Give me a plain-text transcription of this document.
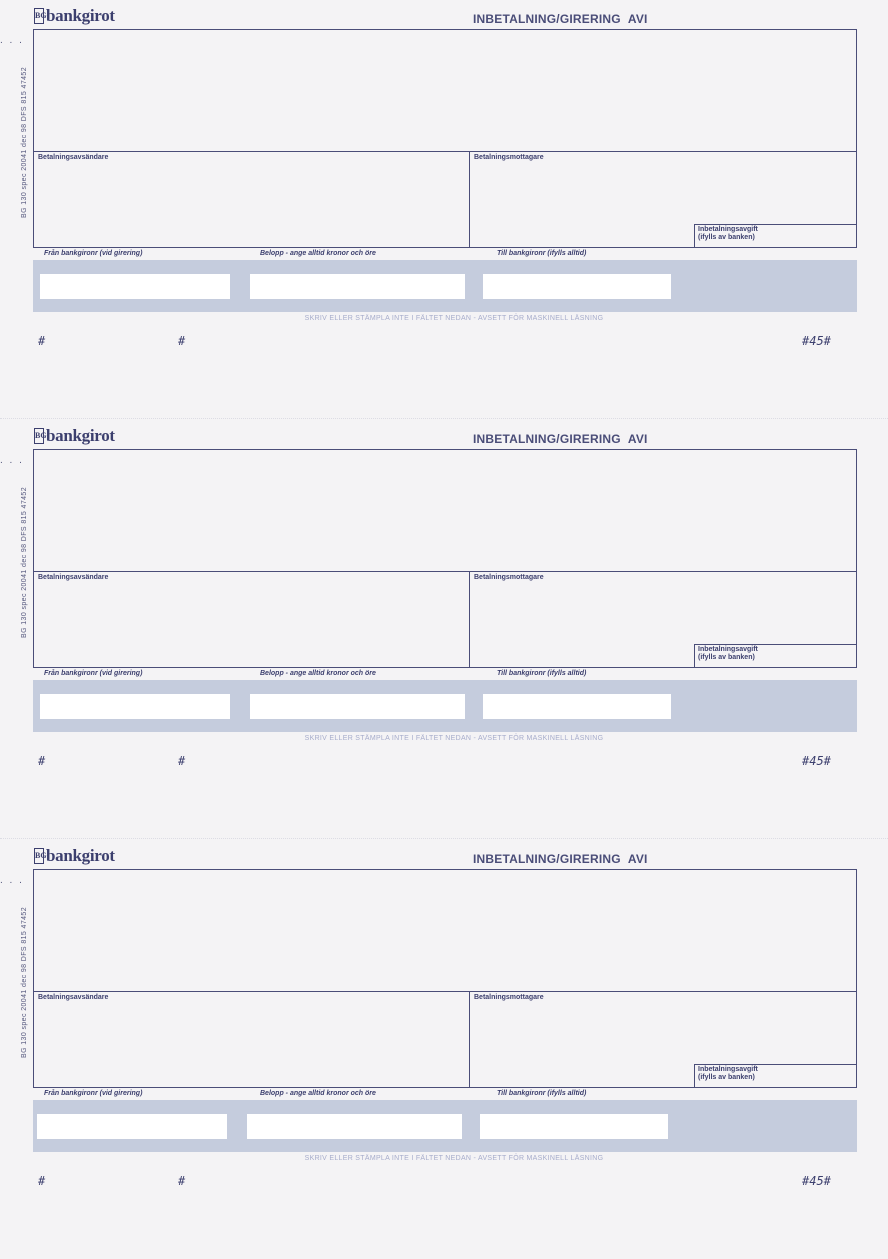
. . .
BG bankgirot	INBETALNING/GIRERING AVI
BG 130 spec 20041 dec 98 DFS 815 47452 Betalningsavsändare	Betalningsmottagare
Inbetalningsavgift
(ifylls av banken)
Från bankgironr (vid girering)	Belopp - ange alltid kronor och öre	Till bankgironr (ifylls alltid)
SKRIV ELLER STÄMPLA INTE I FÄLTET NEDAN - AVSETT FÖR MASKINELL LÄSNING
#	#	#45#
. . .
BG bankgirot	INBETALNING/GIRERING AVI
BG 130 spec 20041 dec 98 DFS 815 47452 Betalningsavsändare	Betalningsmottagare
Inbetalningsavgift
(ifylls av banken)
Från bankgironr (vid girering)	Belopp - ange alltid kronor och öre	Till bankgironr (ifylls alltid)
SKRIV ELLER STÄMPLA INTE I FÄLTET NEDAN - AVSETT FÖR MASKINELL LÄSNING
#	#	#45#
. . .
BG bankgirot	INBETALNING/GIRERING AVI
BG 130 spec 20041 dec 98 DFS 815 47452 Betalningsavsändare	Betalningsmottagare
Inbetalningsavgift
(ifylls av banken)
Från bankgironr (vid girering)	Belopp - ange alltid kronor och öre	Till bankgironr (ifylls alltid)
SKRIV ELLER STÄMPLA INTE I FÄLTET NEDAN - AVSETT FÖR MASKINELL LÄSNING
#	#	#45#
